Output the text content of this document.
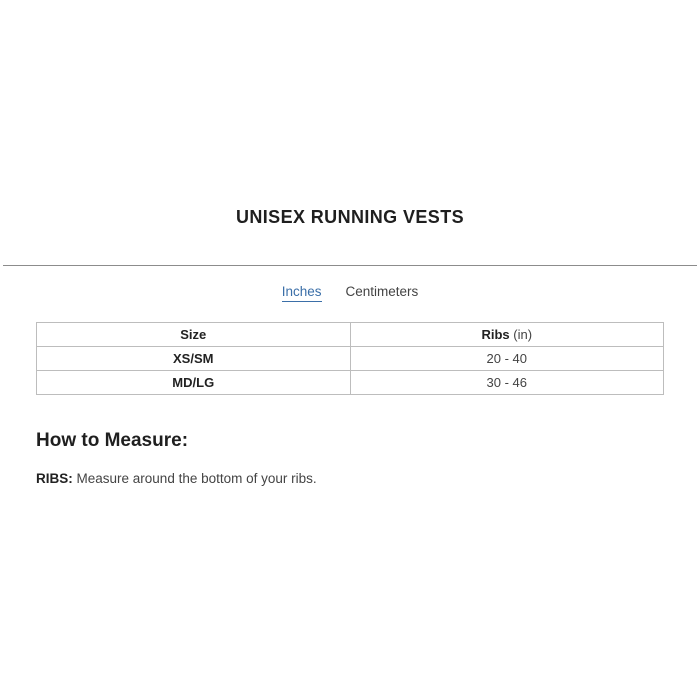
UNISEX RUNNING VESTS
Inches Centimeters
Size	Ribs (in)
XS/SM	20 - 40
MD/LG	30 - 46
How to Measure:
RIBS: Measure around the bottom of your ribs.
